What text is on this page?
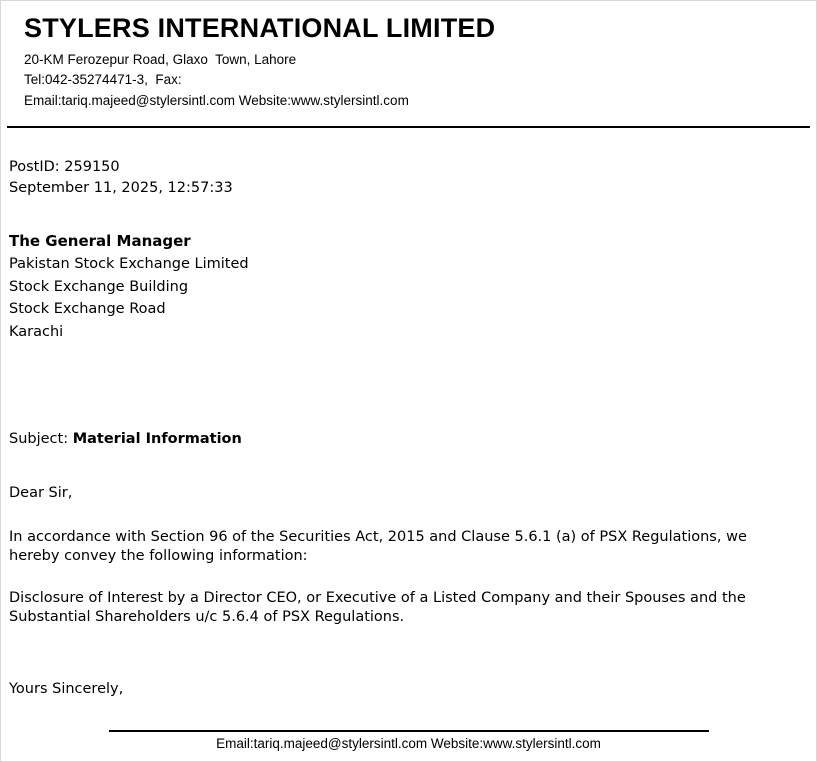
STYLERS INTERNATIONAL LIMITED
20-KM Ferozepur Road, Glaxo  Town, Lahore
Tel:042-35274471-3,  Fax:
Email:tariq.majeed@stylersintl.com Website:www.stylersintl.com
PostID: 259150
September 11, 2025, 12:57:33
The General Manager
Pakistan Stock Exchange Limited
Stock Exchange Building
Stock Exchange Road
Karachi
Subject: Material Information
Dear Sir,
In accordance with Section 96 of the Securities Act, 2015 and Clause 5.6.1 (a) of PSX Regulations, we hereby convey the following information:
Disclosure of Interest by a Director CEO, or Executive of a Listed Company and their Spouses and the Substantial Shareholders u/c 5.6.4 of PSX Regulations.
Yours Sincerely,
Email:tariq.majeed@stylersintl.com Website:www.stylersintl.com
